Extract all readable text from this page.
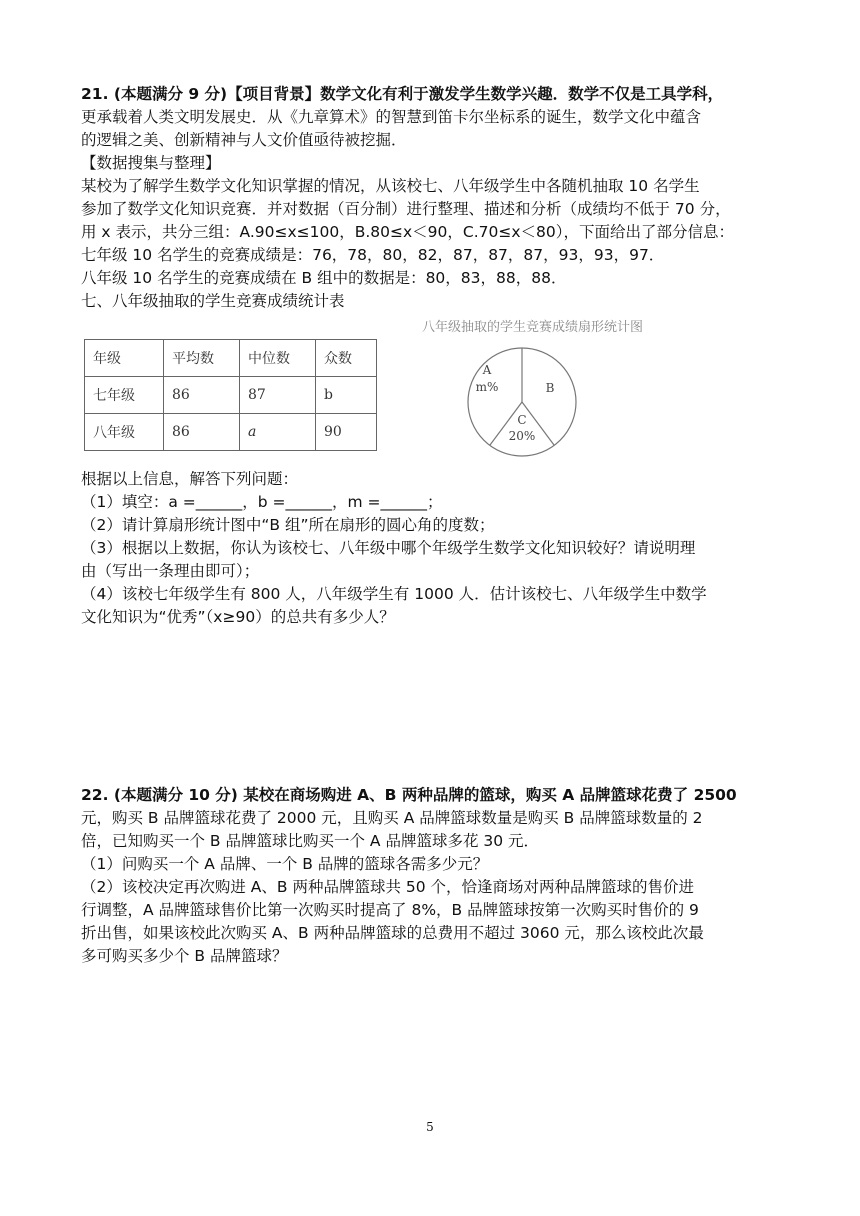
21. (本题满分 9 分)【项目背景】数学文化有利于激发学生数学兴趣．数学不仅是工具学科，

更承载着人类文明发展史．从《九章算术》的智慧到笛卡尔坐标系的诞生，数学文化中蕴含

的逻辑之美、创新精神与人文价值亟待被挖掘．

【数据搜集与整理】

某校为了解学生数学文化知识掌握的情况，从该校七、八年级学生中各随机抽取 10 名学生

参加了数学文化知识竞赛．并对数据（百分制）进行整理、描述和分析（成绩均不低于 70 分，

用 x 表示，共分三组：A.90≤x≤100，B.80≤x＜90，C.70≤x＜80），下面给出了部分信息：

七年级 10 名学生的竞赛成绩是：76，78，80，82，87，87，87，93，93，97．

八年级 10 名学生的竞赛成绩在 B 组中的数据是：80，83，88，88．

七、八年级抽取的学生竞赛成绩统计表

年级	平均数	中位数	众数
七年级	86	87	b
八年级	86	a	90
八年级抽取的学生竞赛成绩扇形统计图
A
m%	B
C
20%

根据以上信息，解答下列问题：

（1）填空：a =______，b =______，m =______；

（2）请计算扇形统计图中“B 组”所在扇形的圆心角的度数；

（3）根据以上数据，你认为该校七、八年级中哪个年级学生数学文化知识较好？请说明理

由（写出一条理由即可）；

（4）该校七年级学生有 800 人，八年级学生有 1000 人．估计该校七、八年级学生中数学

文化知识为“优秀”（x≥90）的总共有多少人？

22. (本题满分 10 分) 某校在商场购进 A、B 两种品牌的篮球，购买 A 品牌篮球花费了 2500

元，购买 B 品牌篮球花费了 2000 元，且购买 A 品牌篮球数量是购买 B 品牌篮球数量的 2

倍，已知购买一个 B 品牌篮球比购买一个 A 品牌篮球多花 30 元．

（1）问购买一个 A 品牌、一个 B 品牌的篮球各需多少元？

（2）该校决定再次购进 A、B 两种品牌篮球共 50 个，恰逢商场对两种品牌篮球的售价进

行调整，A 品牌篮球售价比第一次购买时提高了 8%，B 品牌篮球按第一次购买时售价的 9

折出售，如果该校此次购买 A、B 两种品牌篮球的总费用不超过 3060 元，那么该校此次最

多可购买多少个 B 品牌篮球？

5
